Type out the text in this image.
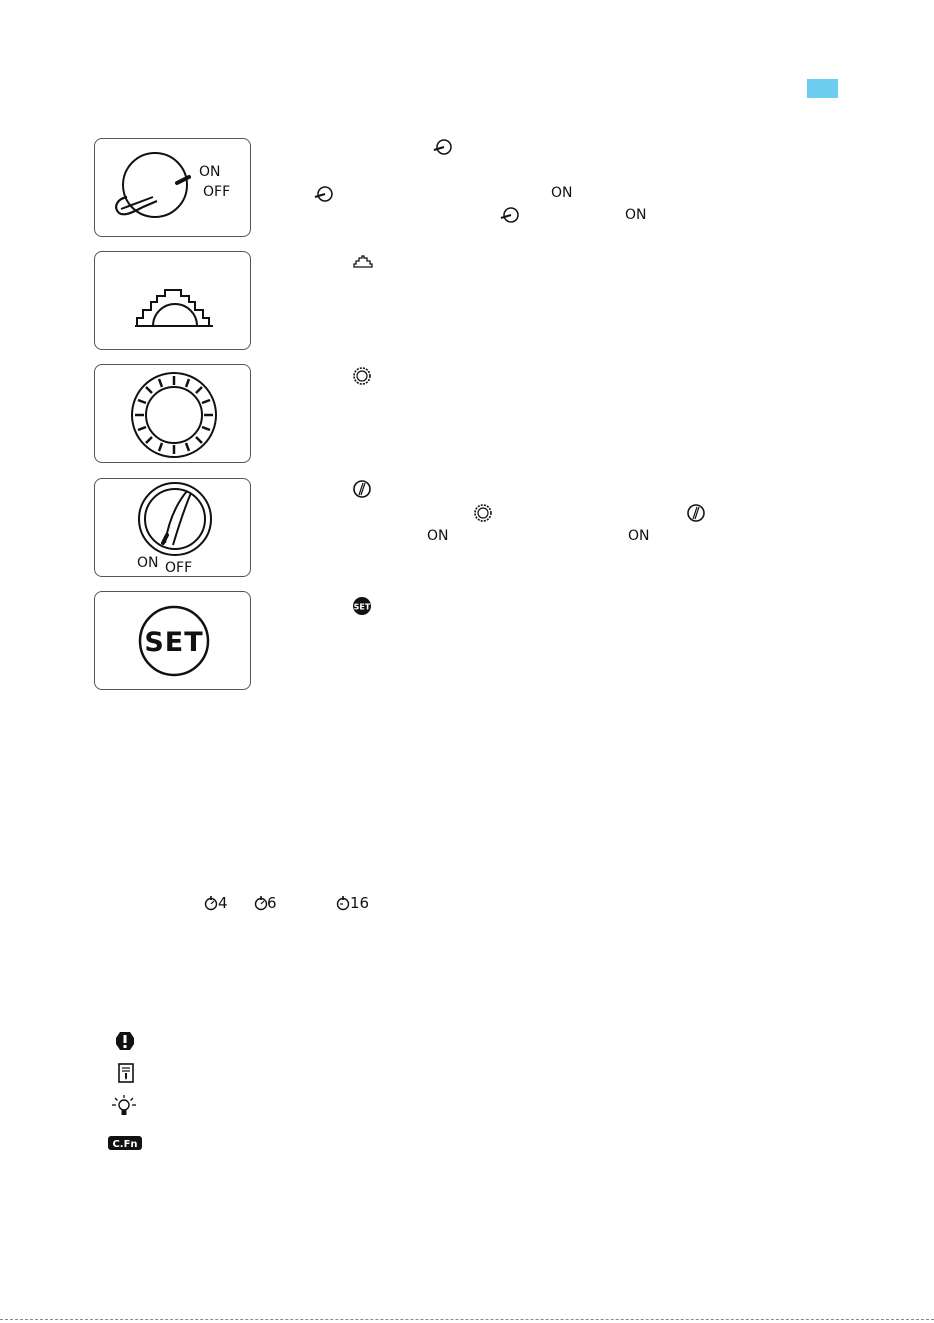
ON
OFF
ON OFF
SET
ON
ON
ON	ON
SET
4	6	16
C.Fn
